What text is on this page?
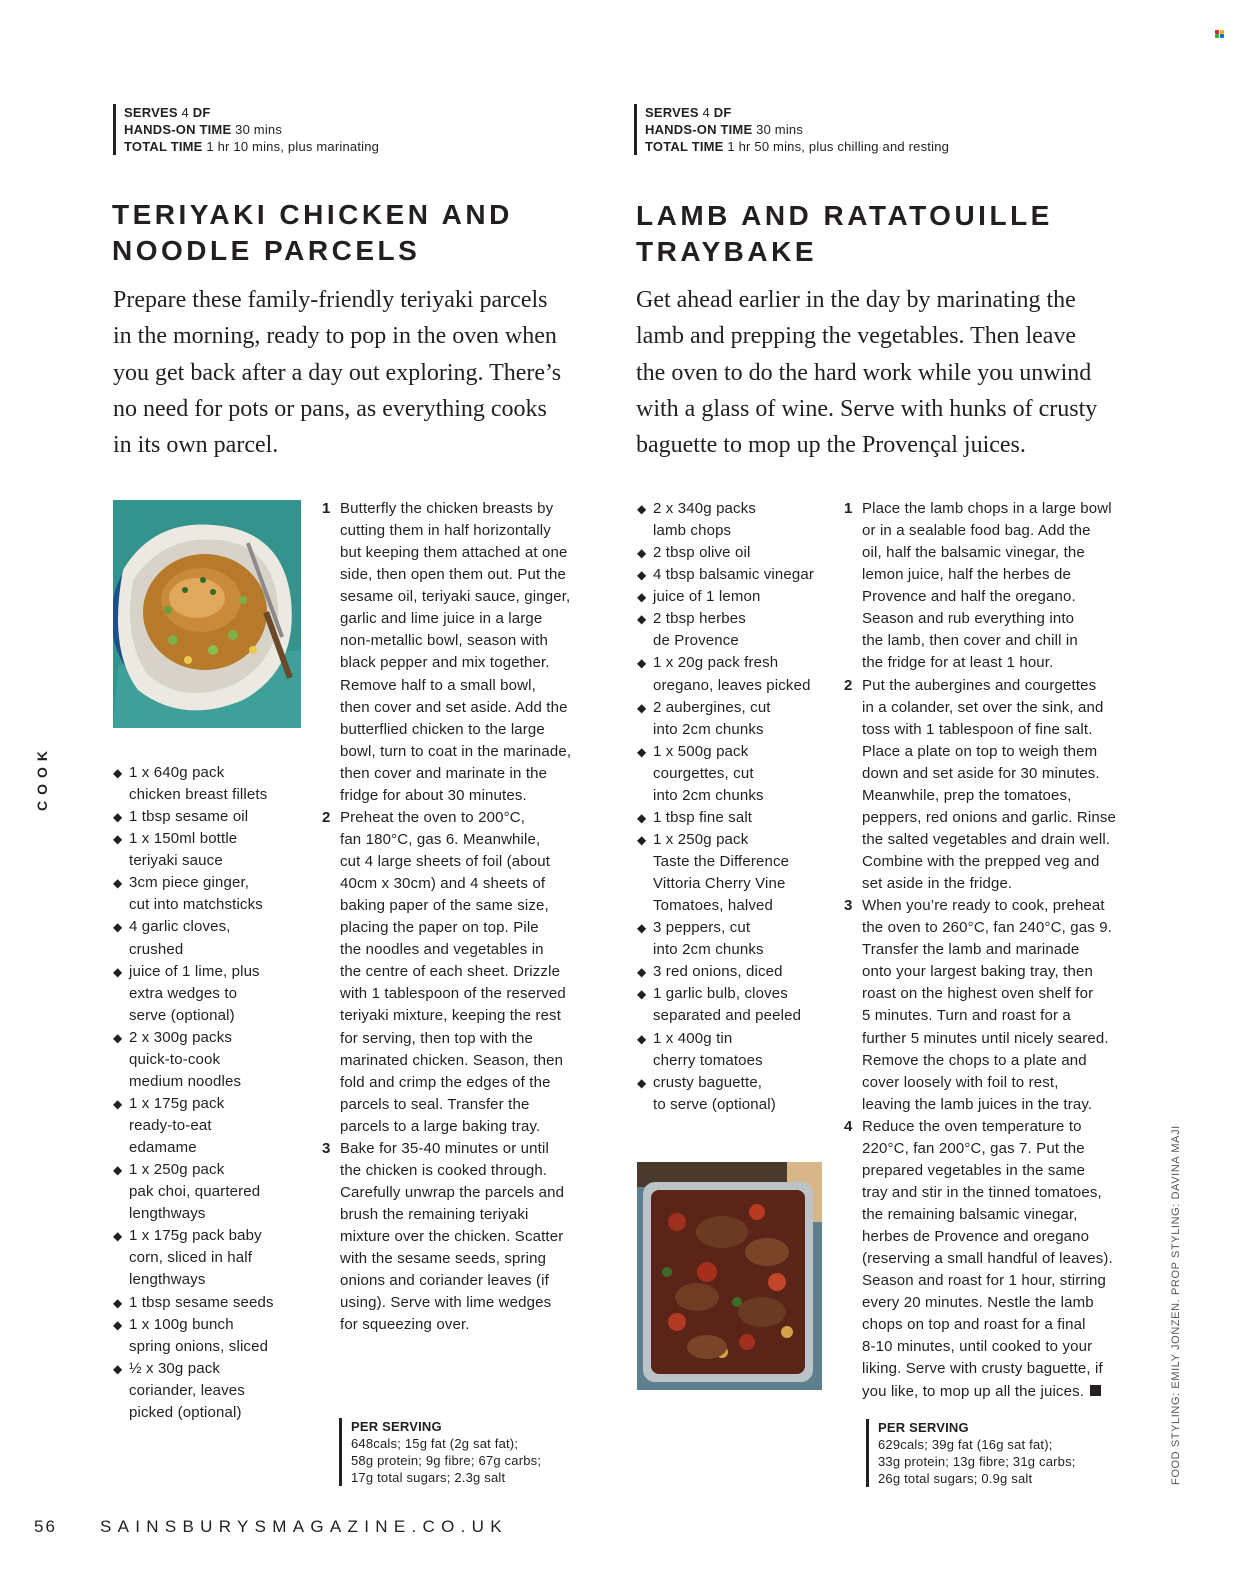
SERVES 4 DF
HANDS-ON TIME 30 mins
TOTAL TIME 1 hr 10 mins, plus marinating
SERVES 4 DF
HANDS-ON TIME 30 mins
TOTAL TIME 1 hr 50 mins, plus chilling and resting
TERIYAKI CHICKEN AND
NOODLE PARCELS
LAMB AND RATATOUILLE
TRAYBAKE
Prepare these family-friendly teriyaki parcels
in the morning, ready to pop in the oven when
you get back after a day out exploring. There’s
no need for pots or pans, as everything cooks
in its own parcel.
Get ahead earlier in the day by marinating the
lamb and prepping the vegetables. Then leave
the oven to do the hard work while you unwind
with a glass of wine. Serve with hunks of crusty
baguette to mop up the Provençal juices.
◆ 1 x 640g pack
chicken breast fillets
◆ 1 tbsp sesame oil
◆ 1 x 150ml bottle
teriyaki sauce
◆ 3cm piece ginger,
cut into matchsticks
◆ 4 garlic cloves,
crushed
◆ juice of 1 lime, plus
extra wedges to
serve (optional)
◆ 2 x 300g packs
quick-to-cook
medium noodles
◆ 1 x 175g pack
ready-to-eat
edamame
◆ 1 x 250g pack
pak choi, quartered
lengthways
◆ 1 x 175g pack baby
corn, sliced in half
lengthways
◆ 1 tbsp sesame seeds
◆ 1 x 100g bunch
spring onions, sliced
◆ ½ x 30g pack
coriander, leaves
picked (optional)
1 Butterfly the chicken breasts by
cutting them in half horizontally
but keeping them attached at one
side, then open them out. Put the
sesame oil, teriyaki sauce, ginger,
garlic and lime juice in a large
non-metallic bowl, season with
black pepper and mix together.
Remove half to a small bowl,
then cover and set aside. Add the
butterflied chicken to the large
bowl, turn to coat in the marinade,
then cover and marinate in the
fridge for about 30 minutes.
2 Preheat the oven to 200°C,
fan 180°C, gas 6. Meanwhile,
cut 4 large sheets of foil (about
40cm x 30cm) and 4 sheets of
baking paper of the same size,
placing the paper on top. Pile
the noodles and vegetables in
the centre of each sheet. Drizzle
with 1 tablespoon of the reserved
teriyaki mixture, keeping the rest
for serving, then top with the
marinated chicken. Season, then
fold and crimp the edges of the
parcels to seal. Transfer the
parcels to a large baking tray.
3 Bake for 35-40 minutes or until
the chicken is cooked through.
Carefully unwrap the parcels and
brush the remaining teriyaki
mixture over the chicken. Scatter
with the sesame seeds, spring
onions and coriander leaves (if
using). Serve with lime wedges
for squeezing over.
◆ 2 x 340g packs
lamb chops
◆ 2 tbsp olive oil
◆ 4 tbsp balsamic vinegar
◆ juice of 1 lemon
◆ 2 tbsp herbes
de Provence
◆ 1 x 20g pack fresh
oregano, leaves picked
◆ 2 aubergines, cut
into 2cm chunks
◆ 1 x 500g pack
courgettes, cut
into 2cm chunks
◆ 1 tbsp fine salt
◆ 1 x 250g pack
Taste the Difference
Vittoria Cherry Vine
Tomatoes, halved
◆ 3 peppers, cut
into 2cm chunks
◆ 3 red onions, diced
◆ 1 garlic bulb, cloves
separated and peeled
◆ 1 x 400g tin
cherry tomatoes
◆ crusty baguette,
to serve (optional)
1 Place the lamb chops in a large bowl
or in a sealable food bag. Add the
oil, half the balsamic vinegar, the
lemon juice, half the herbes de
Provence and half the oregano.
Season and rub everything into
the lamb, then cover and chill in
the fridge for at least 1 hour.
2 Put the aubergines and courgettes
in a colander, set over the sink, and
toss with 1 tablespoon of fine salt.
Place a plate on top to weigh them
down and set aside for 30 minutes.
Meanwhile, prep the tomatoes,
peppers, red onions and garlic. Rinse
the salted vegetables and drain well.
Combine with the prepped veg and
set aside in the fridge.
3 When you’re ready to cook, preheat
the oven to 260°C, fan 240°C, gas 9.
Transfer the lamb and marinade
onto your largest baking tray, then
roast on the highest oven shelf for
5 minutes. Turn and roast for a
further 5 minutes until nicely seared.
Remove the chops to a plate and
cover loosely with foil to rest,
leaving the lamb juices in the tray.
4 Reduce the oven temperature to
220°C, fan 200°C, gas 7. Put the
prepared vegetables in the same
tray and stir in the tinned tomatoes,
the remaining balsamic vinegar,
herbes de Provence and oregano
(reserving a small handful of leaves).
Season and roast for 1 hour, stirring
every 20 minutes. Nestle the lamb
chops on top and roast for a final
8-10 minutes, until cooked to your
liking. Serve with crusty baguette, if
you like, to mop up all the juices.
PER SERVING
648cals; 15g fat (2g sat fat);
58g protein; 9g fibre; 67g carbs;
17g total sugars; 2.3g salt
PER SERVING
629cals; 39g fat (16g sat fat);
33g protein; 13g fibre; 31g carbs;
26g total sugars; 0.9g salt
COOK
FOOD STYLING: EMILY JONZEN. PROP STYLING: DAVINA MAJI
56	SAINSBURYSMAGAZINE.CO.UK
